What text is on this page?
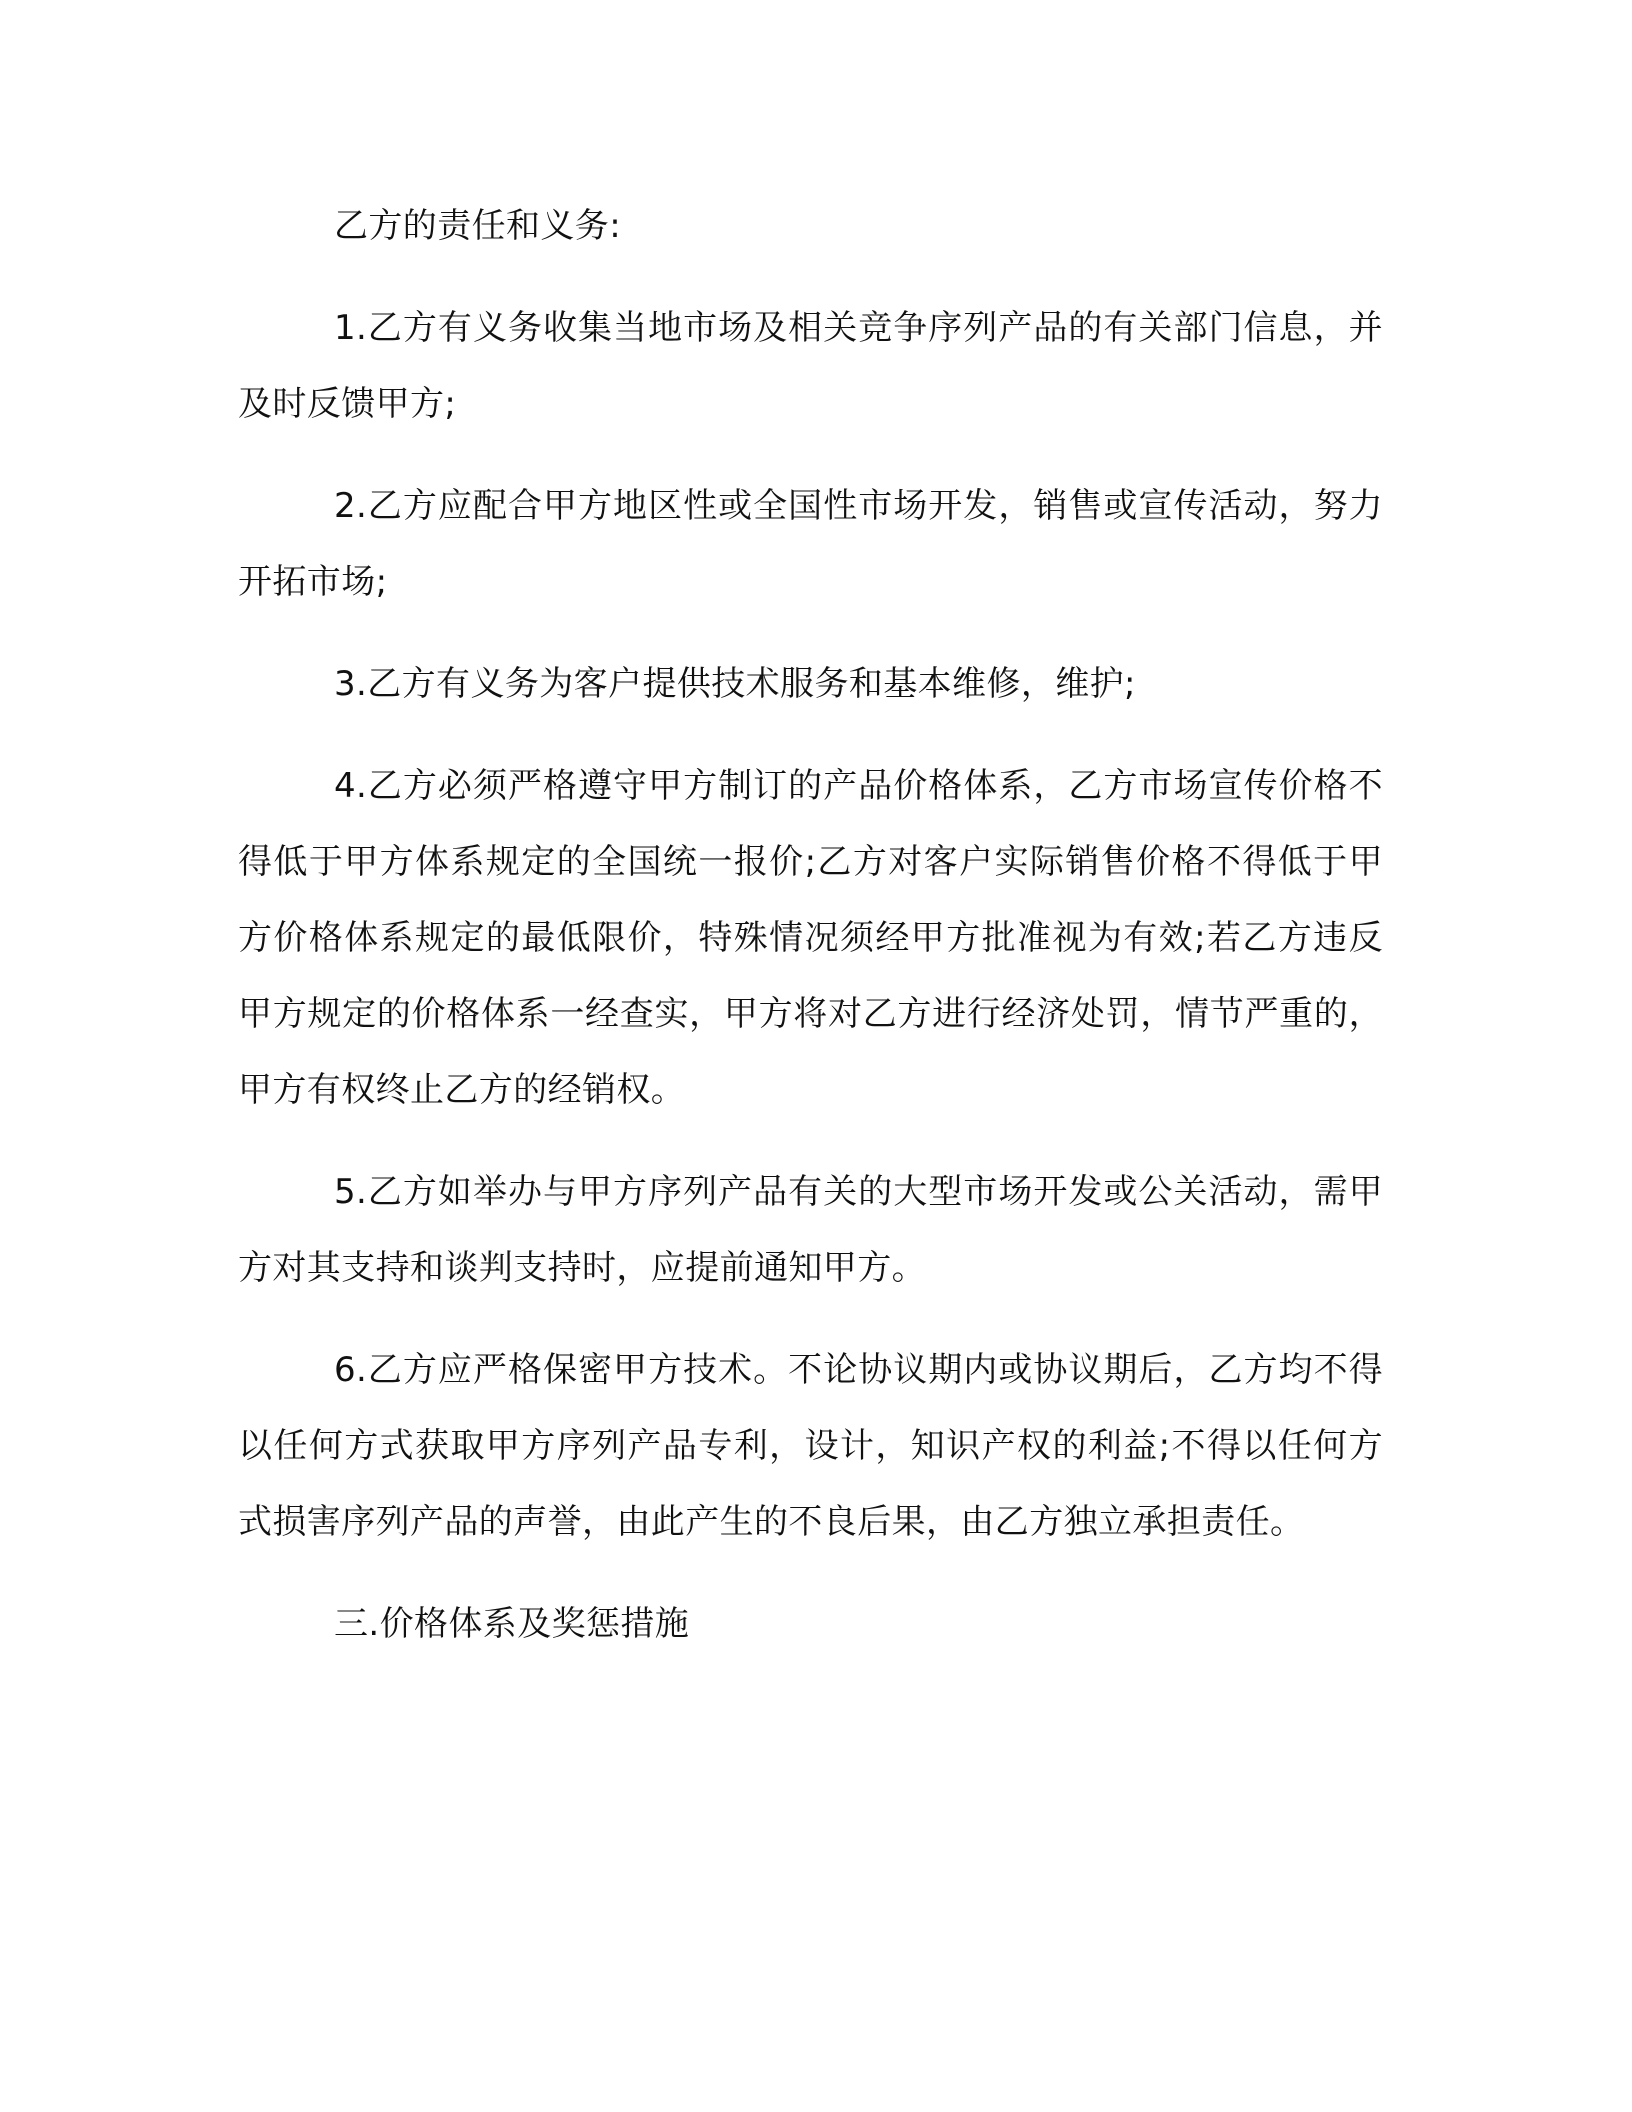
乙方的责任和义务:

1.乙方有义务收集当地市场及相关竞争序列产品的有关部门信息，并及时反馈甲方;

2.乙方应配合甲方地区性或全国性市场开发，销售或宣传活动，努力开拓市场;

3.乙方有义务为客户提供技术服务和基本维修，维护;

4.乙方必须严格遵守甲方制订的产品价格体系，乙方市场宣传价格不得低于甲方体系规定的全国统一报价;乙方对客户实际销售价格不得低于甲方价格体系规定的最低限价，特殊情况须经甲方批准视为有效;若乙方违反甲方规定的价格体系一经查实，甲方将对乙方进行经济处罚，情节严重的，甲方有权终止乙方的经销权。

5.乙方如举办与甲方序列产品有关的大型市场开发或公关活动，需甲方对其支持和谈判支持时，应提前通知甲方。

6.乙方应严格保密甲方技术。不论协议期内或协议期后，乙方均不得以任何方式获取甲方序列产品专利，设计，知识产权的利益;不得以任何方式损害序列产品的声誉，由此产生的不良后果，由乙方独立承担责任。

三.价格体系及奖惩措施
